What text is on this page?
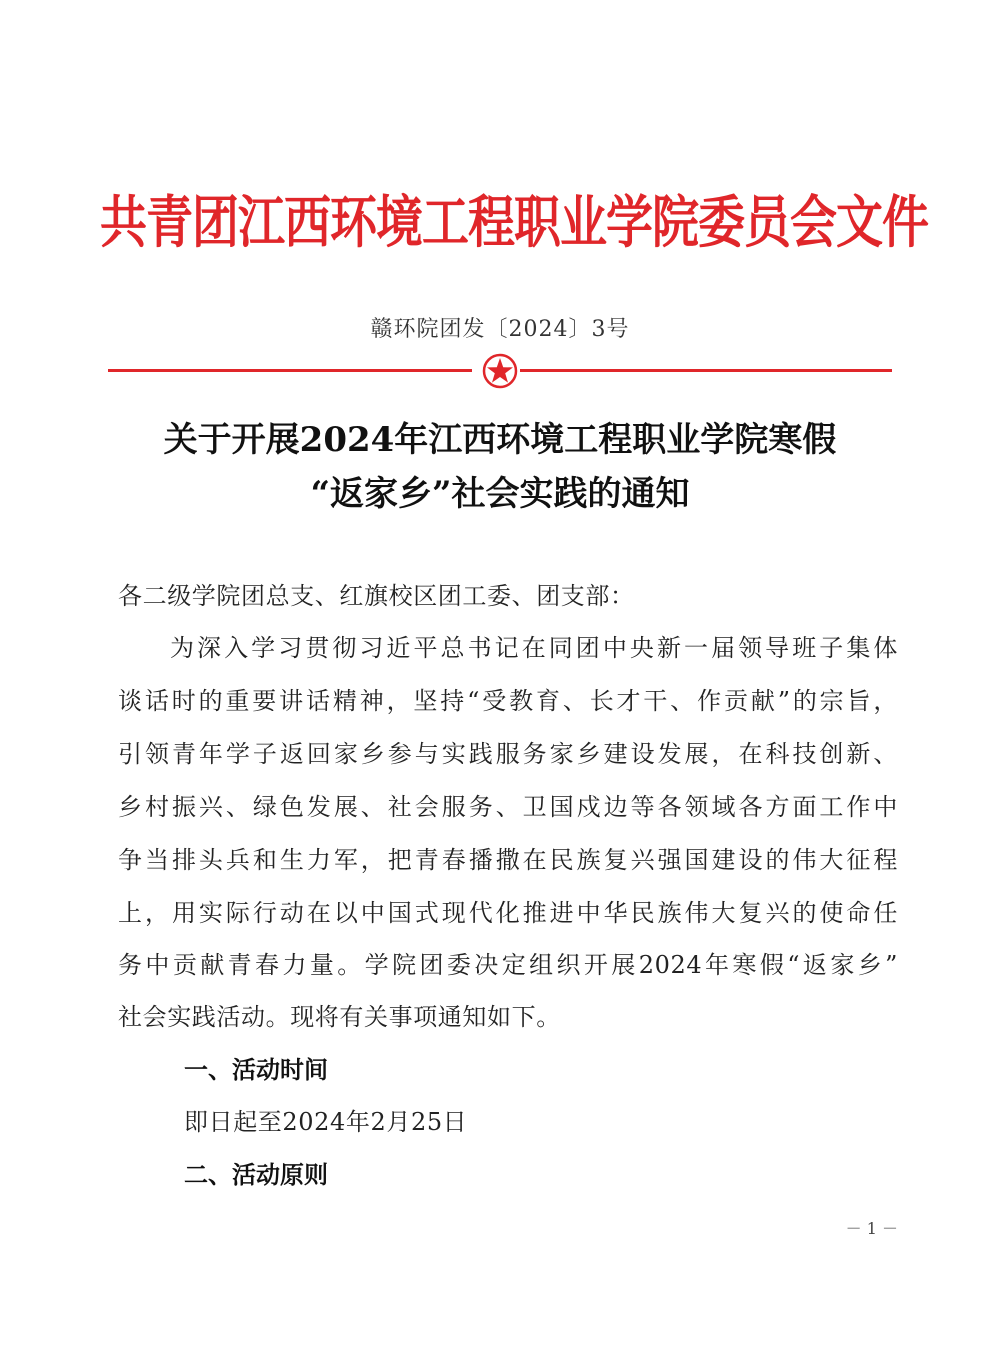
共青团江西环境工程职业学院委员会文件
赣环院团发〔2024〕3号
关于开展2024年江西环境工程职业学院寒假
“返家乡”社会实践的通知
各二级学院团总支、红旗校区团工委、团支部：
为深入学习贯彻习近平总书记在同团中央新一届领导班子集体
谈话时的重要讲话精神，坚持“受教育、长才干、作贡献”的宗旨，
引领青年学子返回家乡参与实践服务家乡建设发展，在科技创新、
乡村振兴、绿色发展、社会服务、卫国戍边等各领域各方面工作中
争当排头兵和生力军，把青春播撒在民族复兴强国建设的伟大征程
上，用实际行动在以中国式现代化推进中华民族伟大复兴的使命任
务中贡献青春力量。学院团委决定组织开展2024年寒假“返家乡”
社会实践活动。现将有关事项通知如下。
一、活动时间
即日起至2024年2月25日
二、活动原则
－ 1 －
